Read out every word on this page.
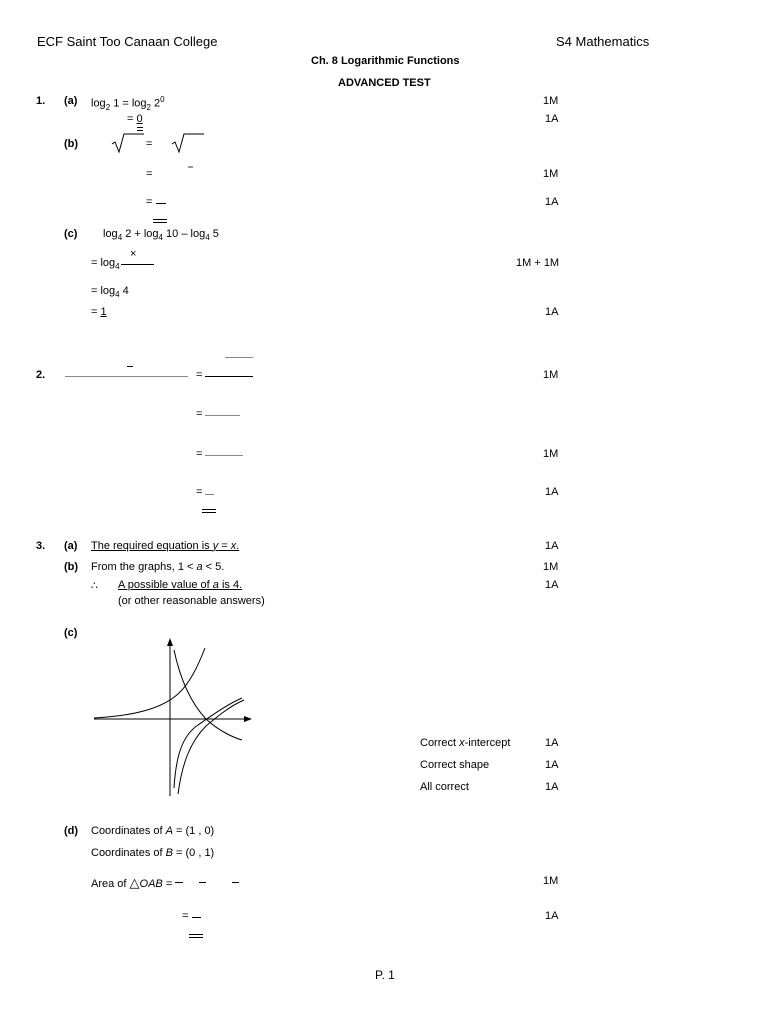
ECF Saint Too Canaan College	S4 Mathematics
Ch. 8 Logarithmic Functions
ADVANCED TEST
1. (a) $\log_2 1 = \log_2 2^0$	1M
= 0	1A
(b)	=
=	1M
=	1A
(c) $\log_4 2 + \log_4 10 - \log_4 5$
×
= $\log_4$	1M + 1M
= $\log_4 4$
= 1	1A
2.	=	1M
=
=	1M
=	1A
3. (a) The required equation is y = x.	1A
(b) From the graphs, 1 < a < 5.	1M
∴ A possible value of a is 4.	1A
(or other reasonable answers)
(c)
Correct x-intercept	1A
Correct shape	1A
All correct	1A
(d) Coordinates of A = (1 , 0)
Coordinates of B = (0 , 1)
Area of △OAB =	1M
=	1A
P. 1
